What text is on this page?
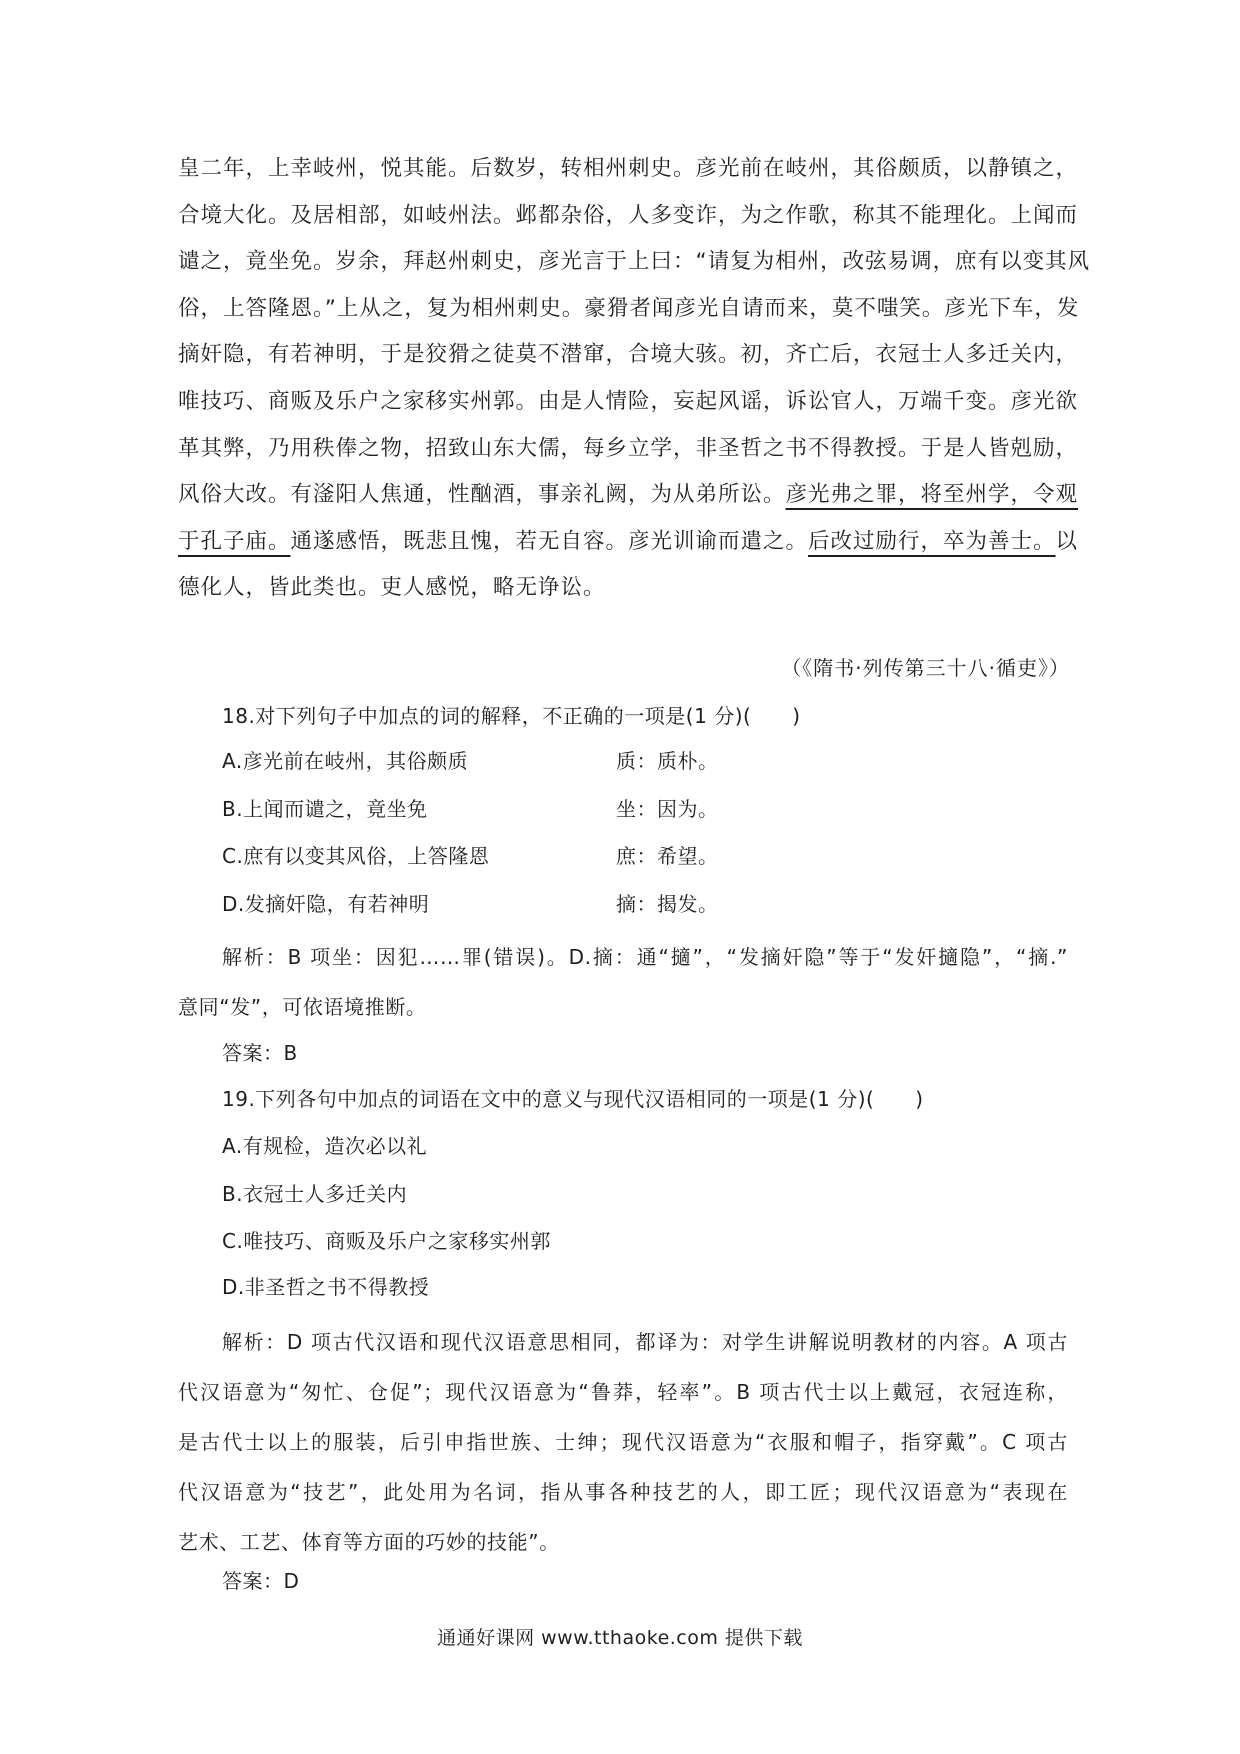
皇二年，上幸岐州，悦其能。后数岁，转相州刺史。彦光前在岐州，其俗颇质，以静镇之，
合境大化。及居相部，如岐州法。邺都杂俗，人多变诈，为之作歌，称其不能理化。上闻而
谴之，竟坐免。岁余，拜赵州刺史，彦光言于上曰：“请复为相州，改弦易调，庶有以变其风
俗，上答隆恩。”上从之，复为相州刺史。豪猾者闻彦光自请而来，莫不嗤笑。彦光下车，发
摘奸隐，有若神明，于是狡猾之徒莫不潜窜，合境大骇。初，齐亡后，衣冠士人多迁关内，
唯技巧、商贩及乐户之家移实州郭。由是人情险，妄起风谣，诉讼官人，万端千变。彦光欲
革其弊，乃用秩俸之物，招致山东大儒，每乡立学，非圣哲之书不得教授。于是人皆剋励，
风俗大改。有滏阳人焦通，性酗酒，事亲礼阙，为从弟所讼。彦光弗之罪，将至州学，令观
于孔子庙。通遂感悟，既悲且愧，若无自容。彦光训谕而遣之。后改过励行，卒为善士。以
德化人，皆此类也。吏人感悦，略无诤讼。
（《隋书·列传第三十八·循吏》）
18.对下列句子中加点的词的解释，不正确的一项是(1 分)(　　)
A.彦光前在岐州，其俗颇质	质：质朴。
B.上闻而谴之，竟坐免	坐：因为。
C.庶有以变其风俗，上答隆恩	庶：希望。
D.发摘奸隐，有若神明	摘：揭发。
解析：B 项坐：因犯……罪(错误)。D.摘：通“擿”，“发摘奸隐”等于“发奸擿隐”，“摘.”
意同“发”，可依语境推断。
答案：B
19.下列各句中加点的词语在文中的意义与现代汉语相同的一项是(1 分)(　　)
A.有规检，造次必以礼
B.衣冠士人多迁关内
C.唯技巧、商贩及乐户之家移实州郭
D.非圣哲之书不得教授
解析：D 项古代汉语和现代汉语意思相同，都译为：对学生讲解说明教材的内容。A 项古
代汉语意为“匆忙、仓促”；现代汉语意为“鲁莽，轻率”。B 项古代士以上戴冠，衣冠连称，
是古代士以上的服装，后引申指世族、士绅；现代汉语意为“衣服和帽子，指穿戴”。C 项古
代汉语意为“技艺”，此处用为名词，指从事各种技艺的人，即工匠；现代汉语意为“表现在
艺术、工艺、体育等方面的巧妙的技能”。
答案：D
通通好课网 www.tthaoke.com 提供下载
